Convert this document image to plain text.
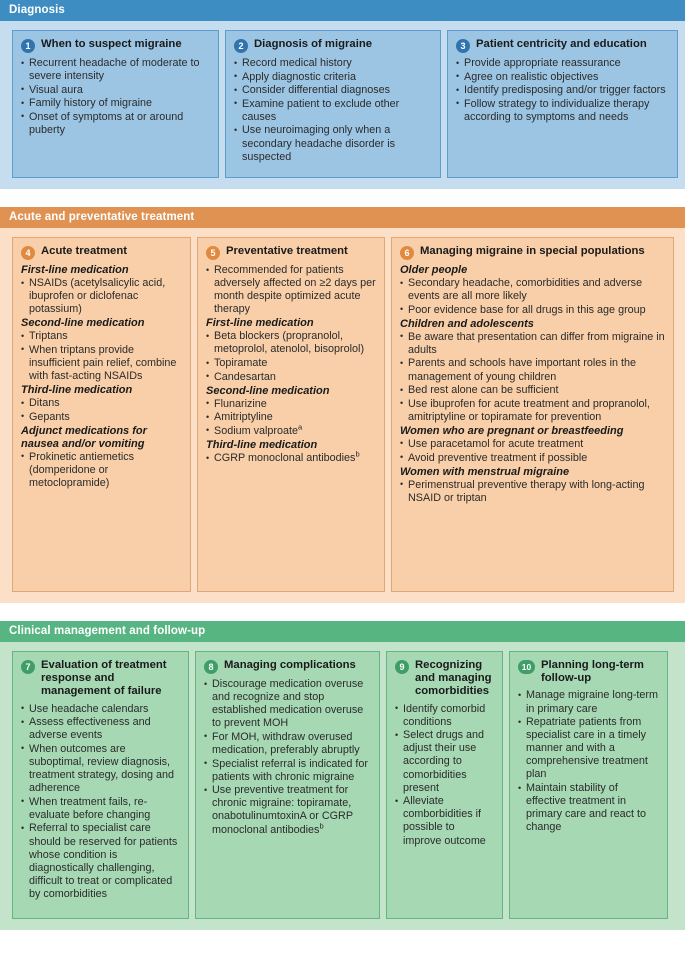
Diagnosis
1 When to suspect migraine
• Recurrent headache of moderate to severe intensity
• Visual aura
• Family history of migraine
• Onset of symptoms at or around puberty
2 Diagnosis of migraine
• Record medical history
• Apply diagnostic criteria
• Consider differential diagnoses
• Examine patient to exclude other causes
• Use neuroimaging only when a secondary headache disorder is suspected
3 Patient centricity and education
• Provide appropriate reassurance
• Agree on realistic objectives
• Identify predisposing and/or trigger factors
• Follow strategy to individualize therapy according to symptoms and needs
Acute and preventative treatment
4 Acute treatment
First-line medication
• NSAIDs (acetylsalicylic acid, ibuprofen or diclofenac potassium)
Second-line medication
• Triptans
• When triptans provide insufficient pain relief, combine with fast-acting NSAIDs
Third-line medication
• Ditans
• Gepants
Adjunct medications for nausea and/or vomiting
• Prokinetic antiemetics (domperidone or metoclopramide)
5 Preventative treatment
• Recommended for patients adversely affected on ≥2 days per month despite optimized acute therapy
First-line medication
• Beta blockers (propranolol, metoprolol, atenolol, bisoprolol)
• Topiramate
• Candesartan
Second-line medication
• Flunarizine
• Amitriptyline
• Sodium valproate$^a$
Third-line medication
• CGRP monoclonal antibodies$^b$
6 Managing migraine in special populations
Older people
• Secondary headache, comorbidities and adverse events are all more likely
• Poor evidence base for all drugs in this age group
Children and adolescents
• Be aware that presentation can differ from migraine in adults
• Parents and schools have important roles in the management of young children
• Bed rest alone can be sufficient
• Use ibuprofen for acute treatment and propranolol, amitriptyline or topiramate for prevention
Women who are pregnant or breastfeeding
• Use paracetamol for acute treatment
• Avoid preventive treatment if possible
Women with menstrual migraine
• Perimenstrual preventive therapy with long-acting NSAID or triptan
Clinical management and follow-up
7 Evaluation of treatment response and management of failure
• Use headache calendars
• Assess effectiveness and adverse events
• When outcomes are suboptimal, review diagnosis, treatment strategy, dosing and adherence
• When treatment fails, re-evaluate before changing
• Referral to specialist care should be reserved for patients whose condition is diagnostically challenging, difficult to treat or complicated by comorbidities
8 Managing complications
• Discourage medication overuse and recognize and stop established medication overuse to prevent MOH
• For MOH, withdraw overused medication, preferably abruptly
• Specialist referral is indicated for patients with chronic migraine
• Use preventive treatment for chronic migraine: topiramate, onabotulinumtoxinA or CGRP monoclonal antibodies$^b$
9 Recognizing and managing comorbidities
• Identify comorbid conditions
• Select drugs and adjust their use according to comorbidities present
• Alleviate comborbidities if possible to improve outcome
10 Planning long-term follow-up
• Manage migraine long-term in primary care
• Repatriate patients from specialist care in a timely manner and with a comprehensive treatment plan
• Maintain stability of effective treatment in primary care and react to change
